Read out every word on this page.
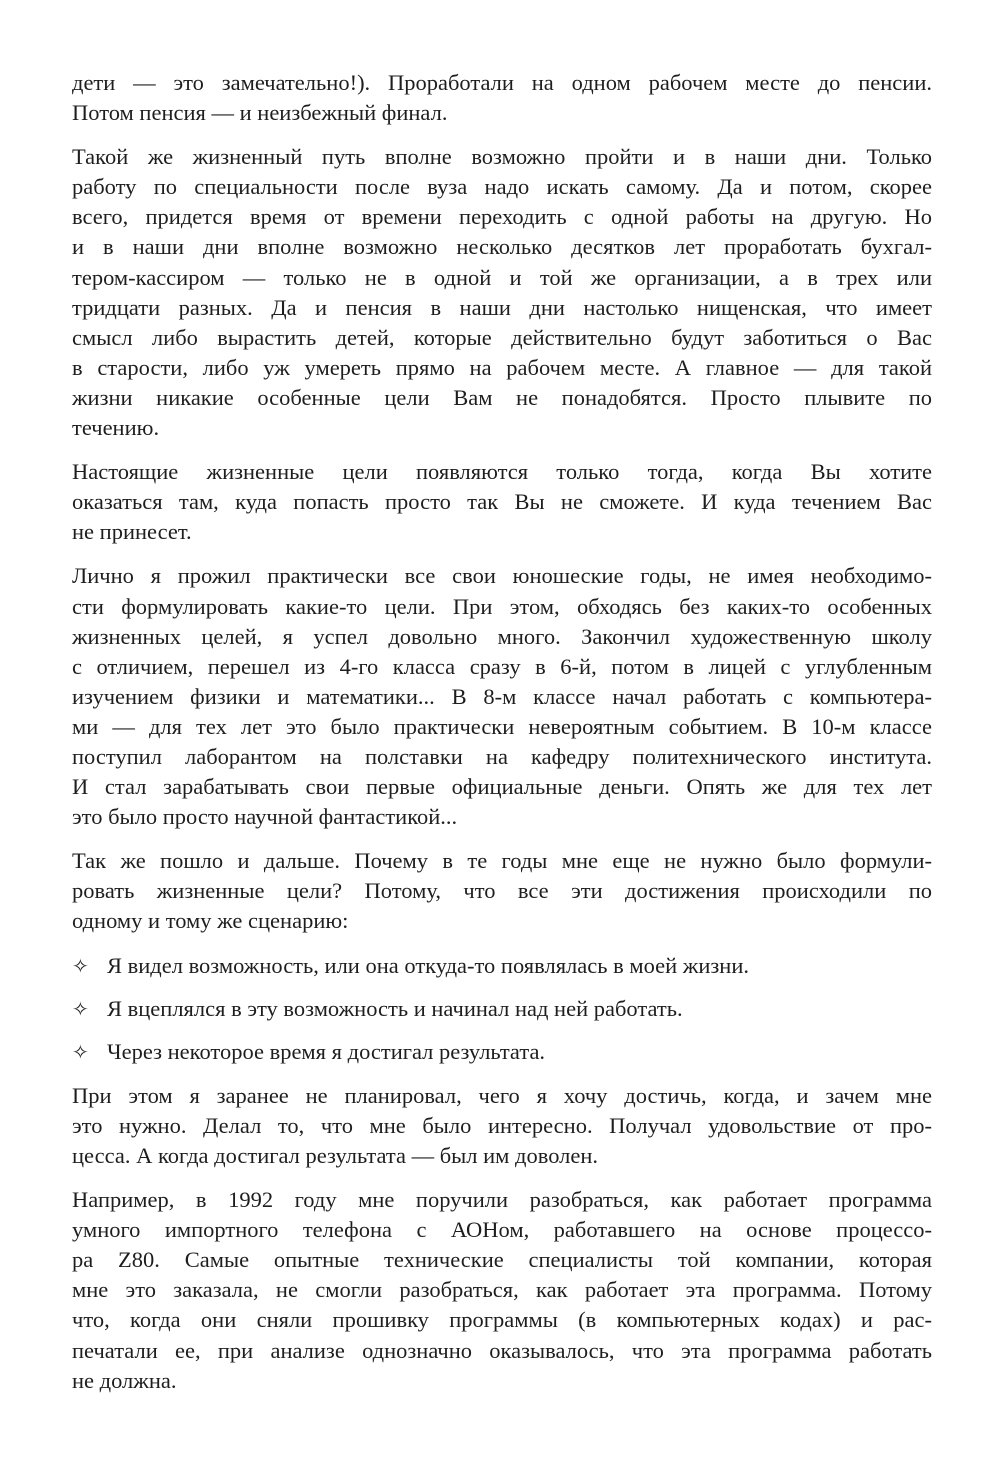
дети — это замечательно!). Проработали на одном рабочем месте до пенсии.
Потом пенсия — и неизбежный финал.
Такой же жизненный путь вполне возможно пройти и в наши дни. Только
работу по специальности после вуза надо искать самому. Да и потом, скорее
всего, придется время от времени переходить с одной работы на другую. Но
и в наши дни вполне возможно несколько десятков лет проработать бухгал-
тером-кассиром — только не в одной и той же организации, а в трех или
тридцати разных. Да и пенсия в наши дни настолько нищенская, что имеет
смысл либо вырастить детей, которые действительно будут заботиться о Вас
в старости, либо уж умереть прямо на рабочем месте. А главное — для такой
жизни никакие особенные цели Вам не понадобятся. Просто плывите по
течению.
Настоящие жизненные цели появляются только тогда, когда Вы хотите
оказаться там, куда попасть просто так Вы не сможете. И куда течением Вас
не принесет.
Лично я прожил практически все свои юношеские годы, не имея необходимо-
сти формулировать какие-то цели. При этом, обходясь без каких-то особенных
жизненных целей, я успел довольно много. Закончил художественную школу
с отличием, перешел из 4-го класса сразу в 6-й, потом в лицей с углубленным
изучением физики и математики... В 8-м классе начал работать с компьютера-
ми — для тех лет это было практически невероятным событием. В 10-м классе
поступил лаборантом на полставки на кафедру политехнического института.
И стал зарабатывать свои первые официальные деньги. Опять же для тех лет
это было просто научной фантастикой...
Так же пошло и дальше. Почему в те годы мне еще не нужно было формули-
ровать жизненные цели? Потому, что все эти достижения происходили по
одному и тому же сценарию:
✧ Я видел возможность, или она откуда-то появлялась в моей жизни.
✧ Я вцеплялся в эту возможность и начинал над ней работать.
✧ Через некоторое время я достигал результата.
При этом я заранее не планировал, чего я хочу достичь, когда, и зачем мне
это нужно. Делал то, что мне было интересно. Получал удовольствие от про-
цесса. А когда достигал результата — был им доволен.
Например, в 1992 году мне поручили разобраться, как работает программа
умного импортного телефона с АОНом, работавшего на основе процессо-
ра Z80. Самые опытные технические специалисты той компании, которая
мне это заказала, не смогли разобраться, как работает эта программа. Потому
что, когда они сняли прошивку программы (в компьютерных кодах) и рас-
печатали ее, при анализе однозначно оказывалось, что эта программа работать
не должна.
